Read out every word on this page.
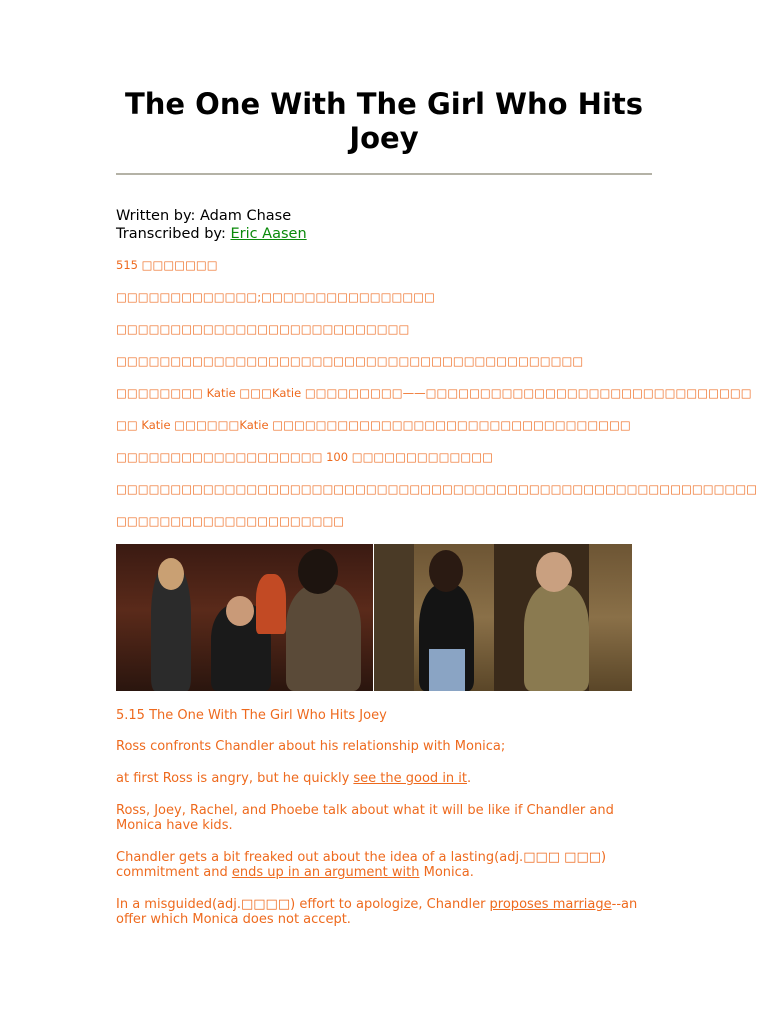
The One With The Girl Who Hits Joey
Written by: Adam Chase
Transcribed by: Eric Aasen
515 □□□□□□□
□□□□□□□□□□□□□;□□□□□□□□□□□□□□□□
□□□□□□□□□□□□□□□□□□□□□□□□□□□
□□□□□□□□□□□□□□□□□□□□□□□□□□□□□□□□□□□□□□□□□□□
□□□□□□□□ Katie □□□Katie □□□□□□□□□——□□□□□□□□□□□□□□□□□□□□□□□□□□□□□□
□□ Katie □□□□□□Katie □□□□□□□□□□□□□□□□□□□□□□□□□□□□□□□□□
□□□□□□□□□□□□□□□□□□□ 100 □□□□□□□□□□□□□
□□□□□□□□□□□□□□□□□□□□□□□□□□□□□□□□□□□□□□□□□□□□□□□□□□□□□□□□□□□
□□□□□□□□□□□□□□□□□□□□□
5.15 The One With The Girl Who Hits Joey
Ross confronts Chandler about his relationship with Monica;
at first Ross is angry, but he quickly see the good in it.
Ross, Joey, Rachel, and Phoebe talk about what it will be like if Chandler and Monica have kids.
Chandler gets a bit freaked out about the idea of a lasting(adj.□□□ □□□) commitment and ends up in an argument with Monica.
In a misguided(adj.□□□□) effort to apologize, Chandler proposes marriage--an offer which Monica does not accept.
